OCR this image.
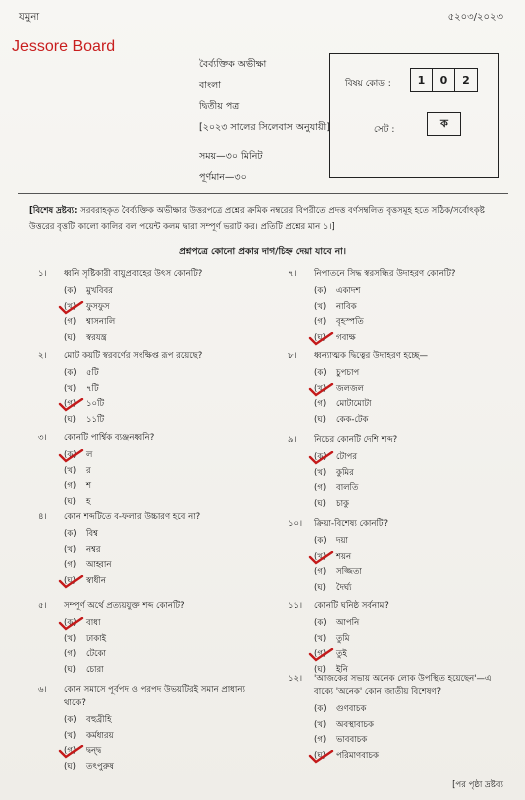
যমুনা
Jessore Board
৫২০৩/২০২৩
বৈর্ব্যক্তিক অভীক্ষা
বাংলা
দ্বিতীয় পত্র
[২০২৩ সালের সিলেবাস অনুযায়ী]
সময়—৩০ মিনিট
পূর্ণমান—৩০
বিষয় কোড :	1	0	2
সেট :
ক
[বিশেষ দ্রষ্টব্য: সরবরাহকৃত বৈর্ব্যক্তিক অভীক্ষার উত্তরপত্রে প্রশ্নের ক্রমিক নম্বরের বিপরীতে প্রদত্ত বর্ণসম্বলিত বৃত্তসমূহ হতে সঠিক/সর্বোৎকৃষ্ট উত্তরের বৃত্তটি কালো কালির বল পয়েন্ট কলম দ্বারা সম্পূর্ণ ভরাট কর। প্রতিটি প্রশ্নের মান ১।]
প্রশ্নপত্রে কোনো প্রকার দাগ/চিহ্ন দেয়া যাবে না।
১।	ধ্বনি সৃষ্টিকারী বাযুপ্রবাহের উৎস কোনটি?
(ক) মুখবিবর
(খ) ফুসফুস
(গ) শ্বাসনালি
(ঘ) স্বরযন্ত্র
২।	মোট কয়টি স্বরবর্ণের সংক্ষিপ্ত রূপ রয়েছে?
(ক) ৫টি
(খ) ৭টি
(গ) ১০টি
(ঘ) ১১টি
৩।	কোনটি পার্শ্বিক ব্যঞ্জনধ্বনি?
(ক) ল
(খ) র
(গ) শ
(ঘ) হ
৪।	কোন শব্দটিতে ব-ফলার উচ্চারণ হবে না?
(ক) বিশ্ব
(খ) নশ্বর
(গ) আহ্বান
(ঘ) স্বাধীন
৫।	সম্পূর্ণ অর্থে প্রত্যয়যুক্ত শব্দ কোনটি?
(ক) বাধা
(খ) ঢাকাই
(গ) টেকো
(ঘ) চোরা
৬।	কোন সমাসে পূর্বপদ ও পরপদ উভয়টিরই সমান প্রাধান্য থাকে?
(ক) বহুব্রীহি
(খ) কর্মধারয়
(গ) দ্বন্দ্ব
(ঘ) তৎপুরুষ
৭।	নিপাতনে সিদ্ধ স্বরসন্ধির উদাহরণ কোনটি?
(ক) একাদশ
(খ) নাবিক
(গ) বৃহস্পতি
(ঘ) গবাক্ষ
৮।	ধ্বন্যাত্মক দ্বিত্বের উদাহরণ হচ্ছে—
(ক) চুপচাপ
(খ) জলজল
(গ) মোটামোটা
(ঘ) কেক-টেক
৯।	নিচের কোনটি দেশি শব্দ?
(ক) টোপর
(খ) কুমির
(গ) বালতি
(ঘ) চাকু
১০।	ক্রিয়া-বিশেষ্য কোনটি?
(ক) দয়া
(খ) শয়ন
(গ) সজ্জিতা
(ঘ) দৈর্ঘ্য
১১।	কোনটি ঘনিষ্ঠ সর্বনাম?
(ক) আপনি
(খ) তুমি
(গ) তুই
(ঘ) ইনি
১২।	'আজকের সভায় অনেক লোক উপস্থিত হয়েছেন'—এ বাক্যে 'অনেক' কোন জাতীয় বিশেষণ?
(ক) গুণবাচক
(খ) অবস্থাবাচক
(গ) ভাববাচক
(ঘ) পরিমাণবাচক
[পর পৃষ্ঠা দ্রষ্টব্য
